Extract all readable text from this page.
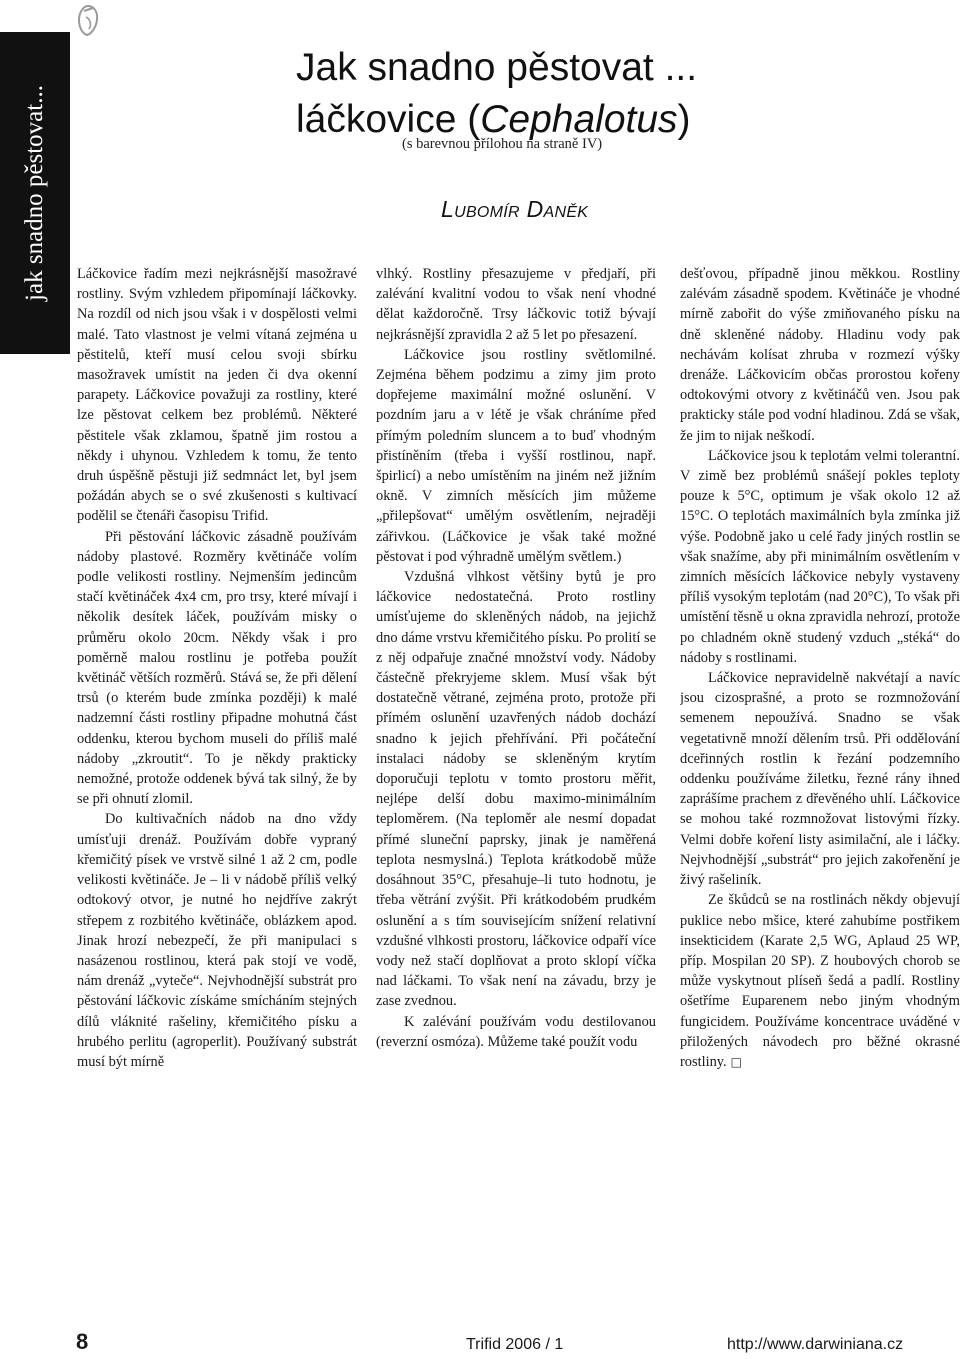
jak snadno pěstovat...
Jak snadno pěstovat ...
láčkovice (Cephalotus)
(s barevnou přílohou na straně IV)
Lubomír Daněk

Láčkovice řadím mezi nejkrásnější masožravé rostliny. Svým vzhledem připomínají láčkovky. Na rozdíl od nich jsou však i v dospělosti velmi malé. Tato vlastnost je velmi vítaná zejména u pěstitelů, kteří musí celou svoji sbírku masožravek umístit na jeden či dva okenní parapety. Láčkovice považuji za rostliny, které lze pěstovat celkem bez problémů. Některé pěstitele však zklamou, špatně jim rostou a někdy i uhynou. Vzhledem k tomu, že tento druh úspěšně pěstuji již sedmnáct let, byl jsem požádán abych se o své zkušenosti s kultivací podělil se čtenáři časopisu Trifid.

Při pěstování láčkovic zásadně používám nádoby plastové. Rozměry květináče volím podle velikosti rostliny. Nejmenším jedincům stačí květináček 4x4 cm, pro trsy, které mívají i několik desítek láček, používám misky o průměru okolo 20cm. Někdy však i pro poměrně malou rostlinu je potřeba použít květináč větších rozměrů. Stává se, že při dělení trsů (o kterém bude zmínka později) k malé nadzemní části rostliny připadne mohutná část oddenku, kterou bychom museli do příliš malé nádoby „zkroutit“. To je někdy prakticky nemožné, protože oddenek bývá tak silný, že by se při ohnutí zlomil.

Do kultivačních nádob na dno vždy umísťuji drenáž. Používám dobře vypraný křemičitý písek ve vrstvě silné 1 až 2 cm, podle velikosti květináče. Je – li v nádobě příliš velký odtokový otvor, je nutné ho nejdříve zakrýt střepem z rozbitého květináče, oblázkem apod. Jinak hrozí nebezpečí, že při manipulaci s nasázenou rostlinou, která pak stojí ve vodě, nám drenáž „vyteče“. Nejvhodnější substrát pro pěstování láčkovic získáme smícháním stejných dílů vláknité rašeliny, křemičitého písku a hrubého perlitu (agroperlit). Používaný substrát musí být mírně

vlhký. Rostliny přesazujeme v předjaří, při zalévání kvalitní vodou to však není vhodné dělat každoročně. Trsy láčkovic totiž bývají nejkrásnější zpravidla 2 až 5 let po přesazení.

Láčkovice jsou rostliny světlomilné. Zejména během podzimu a zimy jim proto dopřejeme maximální možné oslunění. V pozdním jaru a v létě je však chráníme před přímým poledním sluncem a to buď vhodným přistíněním (třeba i vyšší rostlinou, např. špirlicí) a nebo umístěním na jiném než jižním okně. V zimních měsících jim můžeme „přilepšovat“ umělým osvětlením, nejraději zářivkou. (Láčkovice je však také možné pěstovat i pod výhradně umělým světlem.)

Vzdušná vlhkost většiny bytů je pro láčkovice nedostatečná. Proto rostliny umísťujeme do skleněných nádob, na jejichž dno dáme vrstvu křemičitého písku. Po prolití se z něj odpařuje značné množství vody. Nádoby částečně překryjeme sklem. Musí však být dostatečně větrané, zejména proto, protože při přímém oslunění uzavřených nádob dochází snadno k jejich přehřívání. Při počáteční instalaci nádoby se skleněným krytím doporučuji teplotu v tomto prostoru měřit, nejlépe delší dobu maximo-minimálním teploměrem. (Na teploměr ale nesmí dopadat přímé sluneční paprsky, jinak je naměřená teplota nesmyslná.) Teplota krátkodobě může dosáhnout 35°C, přesahuje–li tuto hodnotu, je třeba větrání zvýšit. Při krátkodobém prudkém oslunění a s tím souvisejícím snížení relativní vzdušné vlhkosti prostoru, láčkovice odpaří více vody než stačí doplňovat a proto sklopí víčka nad láčkami. To však není na závadu, brzy je zase zvednou.

K zalévání používám vodu destilovanou (reverzní osmóza). Můžeme také použít vodu

dešťovou, případně jinou měkkou. Rostliny zalévám zásadně spodem. Květináče je vhodné mírně zabořit do výše zmiňovaného písku na dně skleněné nádoby. Hladinu vody pak nechávám kolísat zhruba v rozmezí výšky drenáže. Láčkovicím občas prorostou kořeny odtokovými otvory z květináčů ven. Jsou pak prakticky stále pod vodní hladinou. Zdá se však, že jim to nijak neškodí.

Láčkovice jsou k teplotám velmi tolerantní. V zimě bez problémů snášejí pokles teploty pouze k 5°C, optimum je však okolo 12 až 15°C. O teplotách maximálních byla zmínka již výše. Podobně jako u celé řady jiných rostlin se však snažíme, aby při minimálním osvětlením v zimních měsících láčkovice nebyly vystaveny příliš vysokým teplotám (nad 20°C), To však při umístění těsně u okna zpravidla nehrozí, protože po chladném okně studený vzduch „stéká“ do nádoby s rostlinami.

Láčkovice nepravidelně nakvétají a navíc jsou cizosprašné, a proto se rozmnožování semenem nepoužívá. Snadno se však vegetativně množí dělením trsů. Při oddělování dceřinných rostlin k řezání podzemního oddenku používáme žiletku, řezné rány ihned zaprášíme prachem z dřevěného uhlí. Láčkovice se mohou také rozmnožovat listovými řízky. Velmi dobře koření listy asimilační, ale i láčky. Nejvhodnější „substrát“ pro jejich zakořenění je živý rašeliník.

Ze škůdců se na rostlinách někdy objevují puklice nebo mšice, které zahubíme postřikem insekticidem (Karate 2,5 WG, Aplaud 25 WP, příp. Mospilan 20 SP). Z houbových chorob se může vyskytnout plíseň šedá a padlí. Rostliny ošetříme Euparenem nebo jiným vhodným fungicidem. Používáme koncentrace uváděné v přiložených návodech pro běžné okrasné rostliny. □

8	Trifid 2006 / 1	http://www.darwiniana.cz
